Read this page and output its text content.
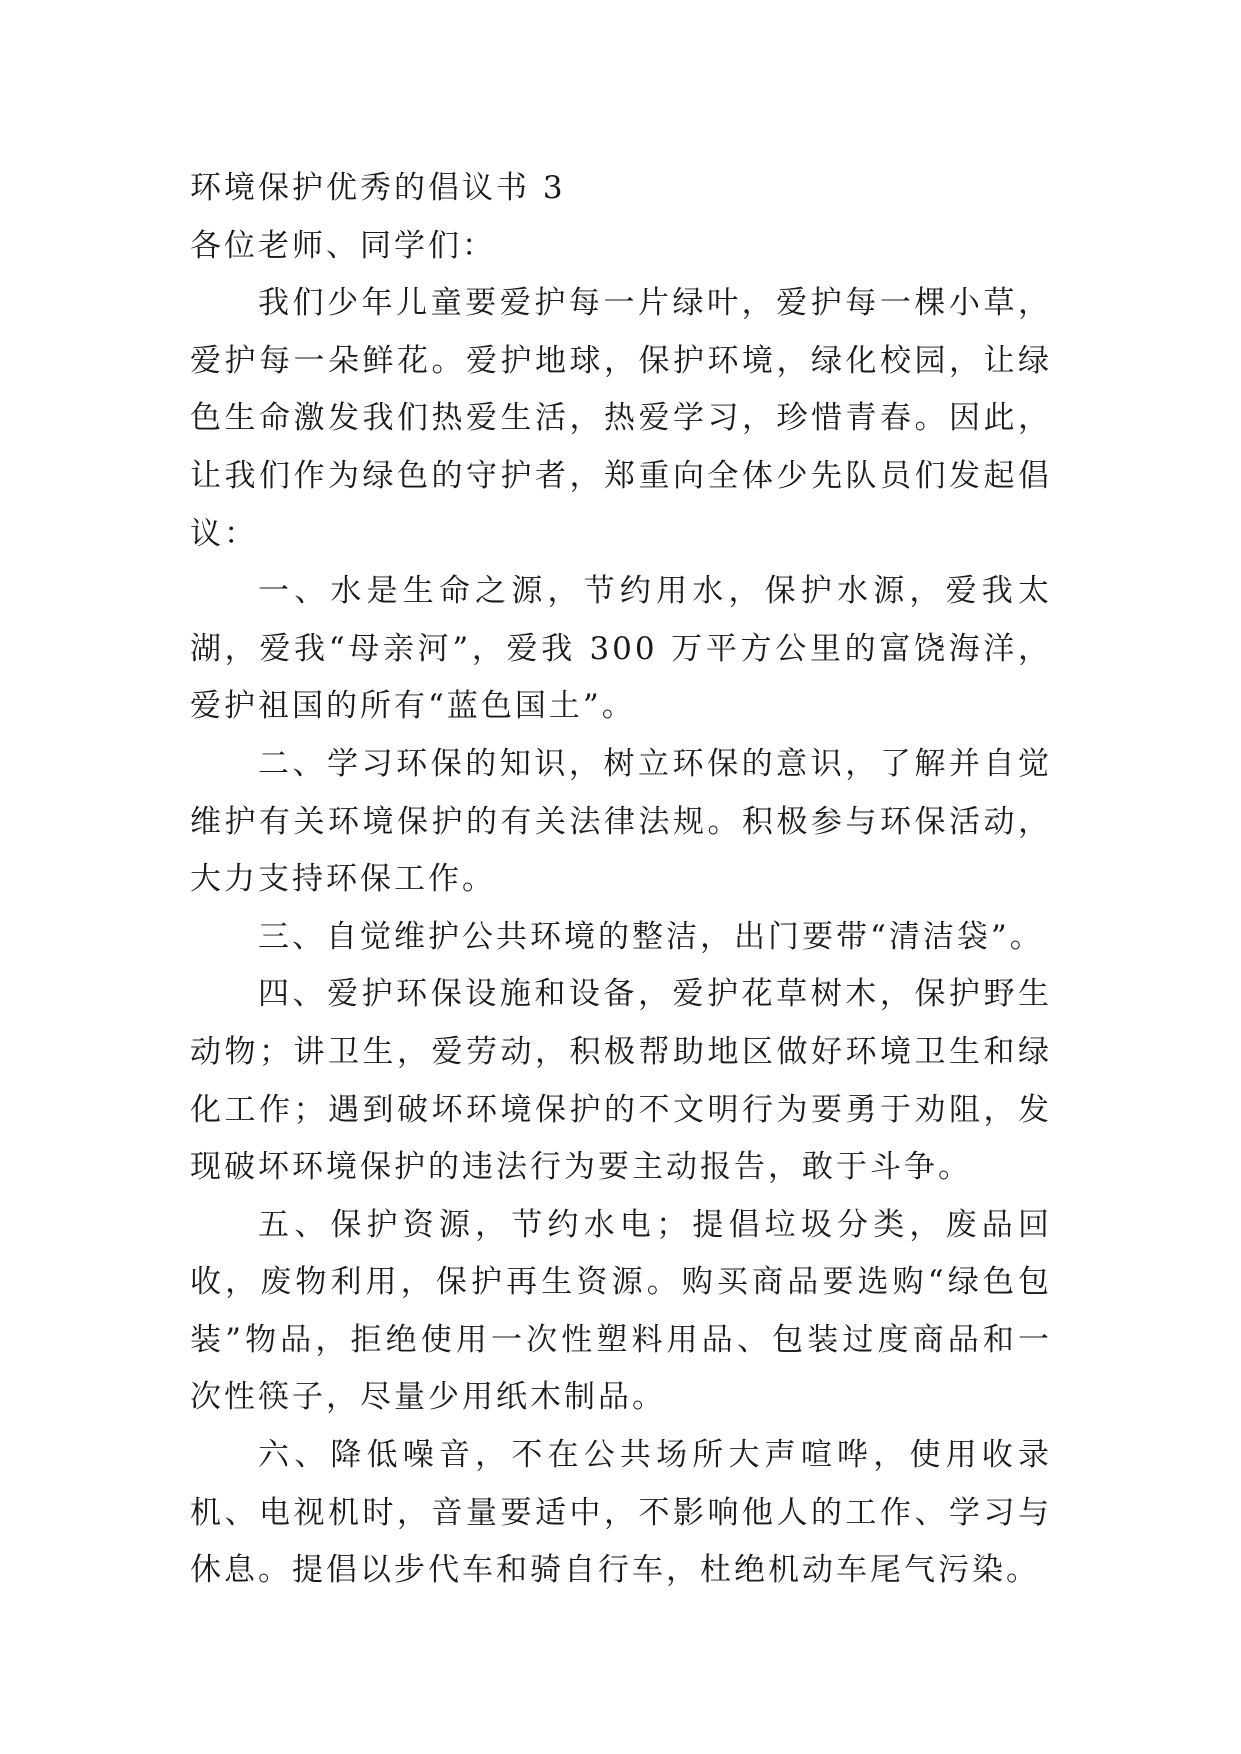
环境保护优秀的倡议书 3

各位老师、同学们：

我们少年儿童要爱护每一片绿叶，爱护每一棵小草，爱护每一朵鲜花。爱护地球，保护环境，绿化校园，让绿色生命激发我们热爱生活，热爱学习，珍惜青春。因此，让我们作为绿色的守护者，郑重向全体少先队员们发起倡议：

一、水是生命之源，节约用水，保护水源，爱我太湖，爱我“母亲河”，爱我 300 万平方公里的富饶海洋，爱护祖国的所有“蓝色国土”。

二、学习环保的知识，树立环保的意识，了解并自觉维护有关环境保护的有关法律法规。积极参与环保活动，大力支持环保工作。

三、自觉维护公共环境的整洁，出门要带“清洁袋”。

四、爱护环保设施和设备，爱护花草树木，保护野生动物；讲卫生，爱劳动，积极帮助地区做好环境卫生和绿化工作；遇到破坏环境保护的不文明行为要勇于劝阻，发现破坏环境保护的违法行为要主动报告，敢于斗争。

五、保护资源，节约水电；提倡垃圾分类，废品回收，废物利用，保护再生资源。购买商品要选购“绿色包装”物品，拒绝使用一次性塑料用品、包装过度商品和一次性筷子，尽量少用纸木制品。

六、降低噪音，不在公共场所大声喧哗，使用收录机、电视机时，音量要适中，不影响他人的工作、学习与休息。提倡以步代车和骑自行车，杜绝机动车尾气污染。
